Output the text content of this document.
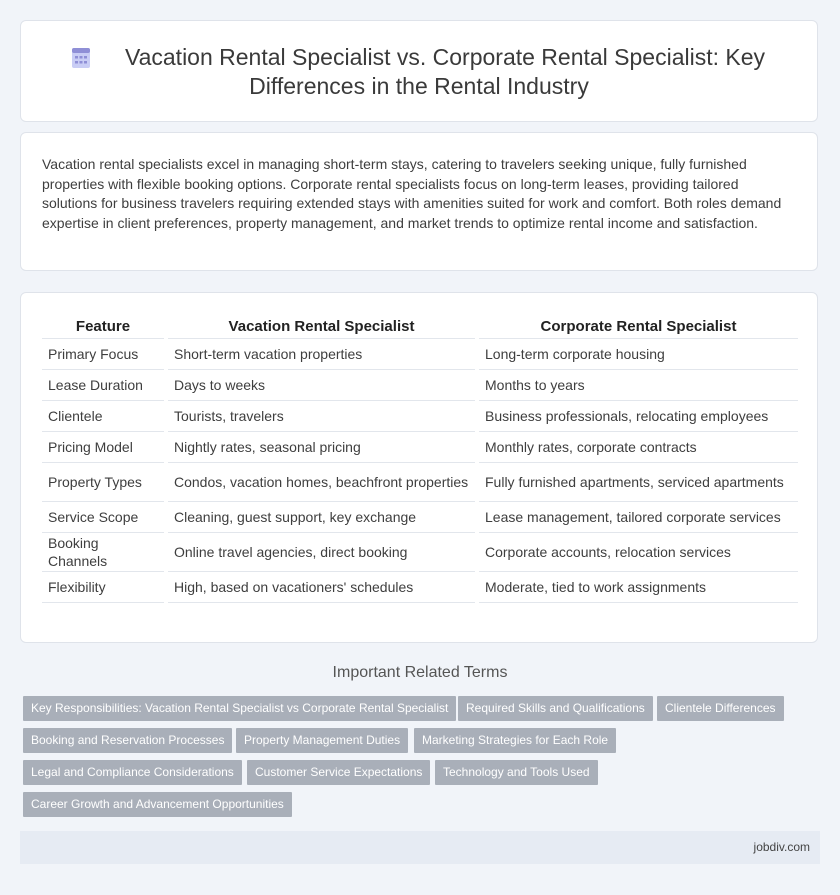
Vacation Rental Specialist vs. Corporate Rental Specialist: Key
Differences in the Rental Industry

Vacation rental specialists excel in managing short-term stays, catering to travelers seeking unique, fully furnished properties with flexible booking options. Corporate rental specialists focus on long-term leases, providing tailored solutions for business travelers requiring extended stays with amenities suited for work and comfort. Both roles demand expertise in client preferences, property management, and market trends to optimize rental income and satisfaction.

Feature		Vacation Rental Specialist		Corporate Rental Specialist
Primary Focus		Short-term vacation properties		Long-term corporate housing
Lease Duration		Days to weeks		Months to years
Clientele		Tourists, travelers		Business professionals, relocating employees
Pricing Model		Nightly rates, seasonal pricing		Monthly rates, corporate contracts
Property Types		Condos, vacation homes, beachfront properties		Fully furnished apartments, serviced apartments
Service Scope		Cleaning, guest support, key exchange		Lease management, tailored corporate services
Booking Channels		Online travel agencies, direct booking		Corporate accounts, relocation services
Flexibility		High, based on vacationers' schedules		Moderate, tied to work assignments
Important Related Terms
Key Responsibilities: Vacation Rental Specialist vs Corporate Rental Specialist	Required Skills and Qualifications	Clientele Differences
Booking and Reservation Processes	Property Management Duties	Marketing Strategies for Each Role
Legal and Compliance Considerations	Customer Service Expectations	Technology and Tools Used
Career Growth and Advancement Opportunities
jobdiv.com
